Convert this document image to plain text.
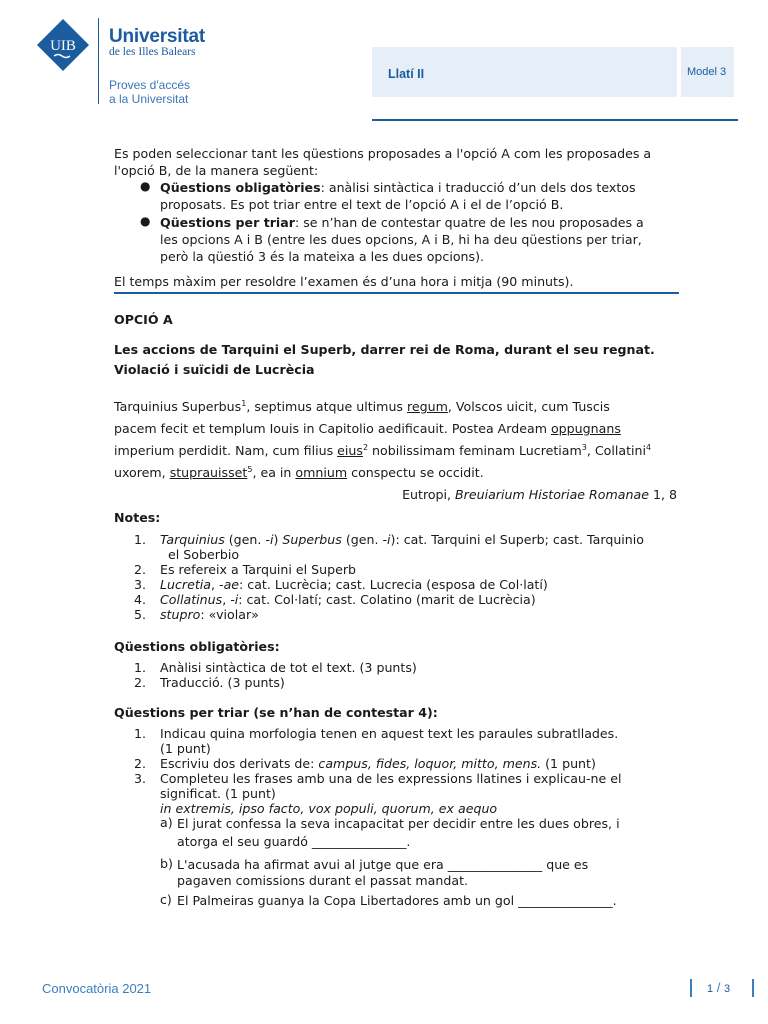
UIB Universitat
de les Illes Balears
Proves d'accés
a la Universitat
Llatí II	Model 3
Es poden seleccionar tant les qüestions proposades a l'opció A com les proposades a
l'opció B, de la manera següent:
● Qüestions obligatòries: anàlisi sintàctica i traducció d’un dels dos textos
proposats. Es pot triar entre el text de l’opció A i el de l’opció B.
● Qüestions per triar: se n’han de contestar quatre de les nou proposades a
les opcions A i B (entre les dues opcions, A i B, hi ha deu qüestions per triar,
però la qüestió 3 és la mateixa a les dues opcions).
El temps màxim per resoldre l’examen és d’una hora i mitja (90 minuts).
OPCIÓ A
Les accions de Tarquini el Superb, darrer rei de Roma, durant el seu regnat.
Violació i suïcidi de Lucrècia
Tarquinius Superbus$^1$, septimus atque ultimus regum, Volscos uicit, cum Tuscis
pacem fecit et templum Iouis in Capitolio aedificauit. Postea Ardeam oppugnans
imperium perdidit. Nam, cum filius eius$^2$ nobilissimam feminam Lucretiam$^3$, Collatini$^4$
uxorem, stuprauisset$^5$, ea in omnium conspectu se occidit.
Eutropi, Breuiarium Historiae Romanae 1, 8
Notes:
1.	Tarquinius (gen. -i) Superbus (gen. -i): cat. Tarquini el Superb; cast. Tarquinio
el Soberbio
2.	Es refereix a Tarquini el Superb
3.	Lucretia, -ae: cat. Lucrècia; cast. Lucrecia (esposa de Col·latí)
4.	Collatinus, -i: cat. Col·latí; cast. Colatino (marit de Lucrècia)
5.	stupro: «violar»
Qüestions obligatòries:
1.	Anàlisi sintàctica de tot el text. (3 punts)
2.	Traducció. (3 punts)
Qüestions per triar (se n’han de contestar 4):
1.	Indicau quina morfologia tenen en aquest text les paraules subratllades.
(1 punt)
2.	Escriviu dos derivats de: campus, fides, loquor, mitto, mens. (1 punt)
3.	Completeu les frases amb una de les expressions llatines i explicau-ne el
significat. (1 punt)
in extremis, ipso facto, vox populi, quorum, ex aequo
a) El jurat confessa la seva incapacitat per decidir entre les dues obres, i
atorga el seu guardó _______________.
b) L'acusada ha afirmat avui al jutge que era _______________ que es
pagaven comissions durant el passat mandat.
c) El Palmeiras guanya la Copa Libertadores amb un gol _______________.
Convocatòria 2021	1 / 3
